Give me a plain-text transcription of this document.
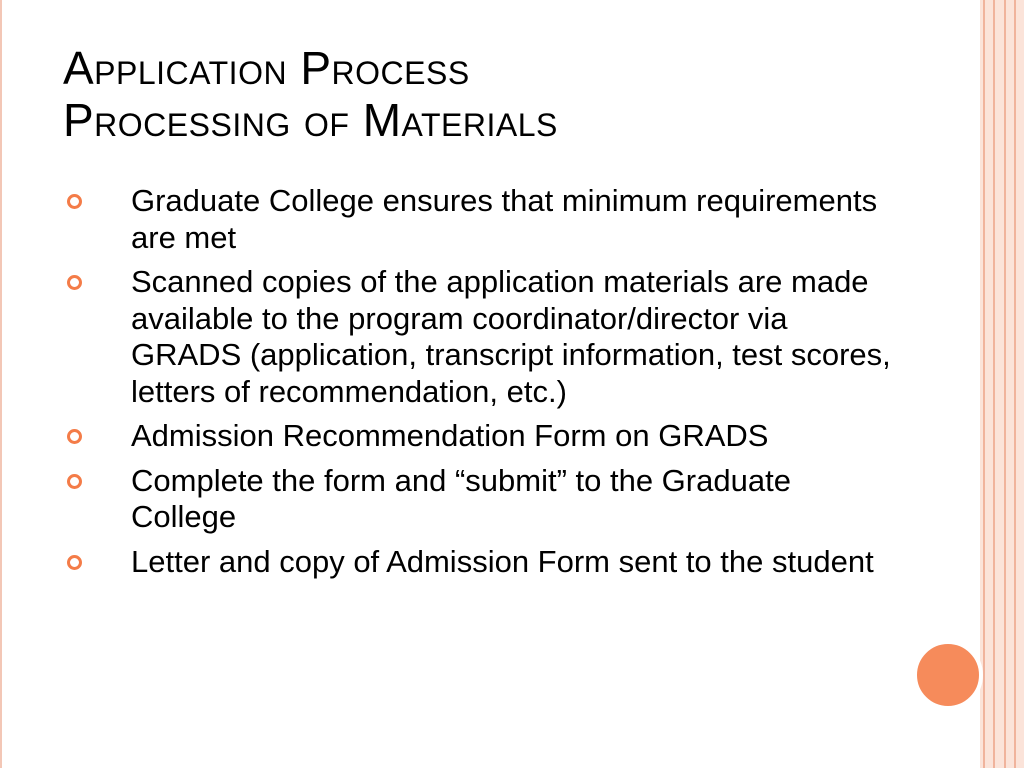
Application Process
Processing of Materials
Graduate College ensures that minimum requirements are met
Scanned copies of the application materials are made available to the program coordinator/director via GRADS (application, transcript information, test scores, letters of recommendation, etc.)
Admission Recommendation Form on GRADS
Complete the form and “submit” to the Graduate College
Letter and copy of Admission Form sent to the student
